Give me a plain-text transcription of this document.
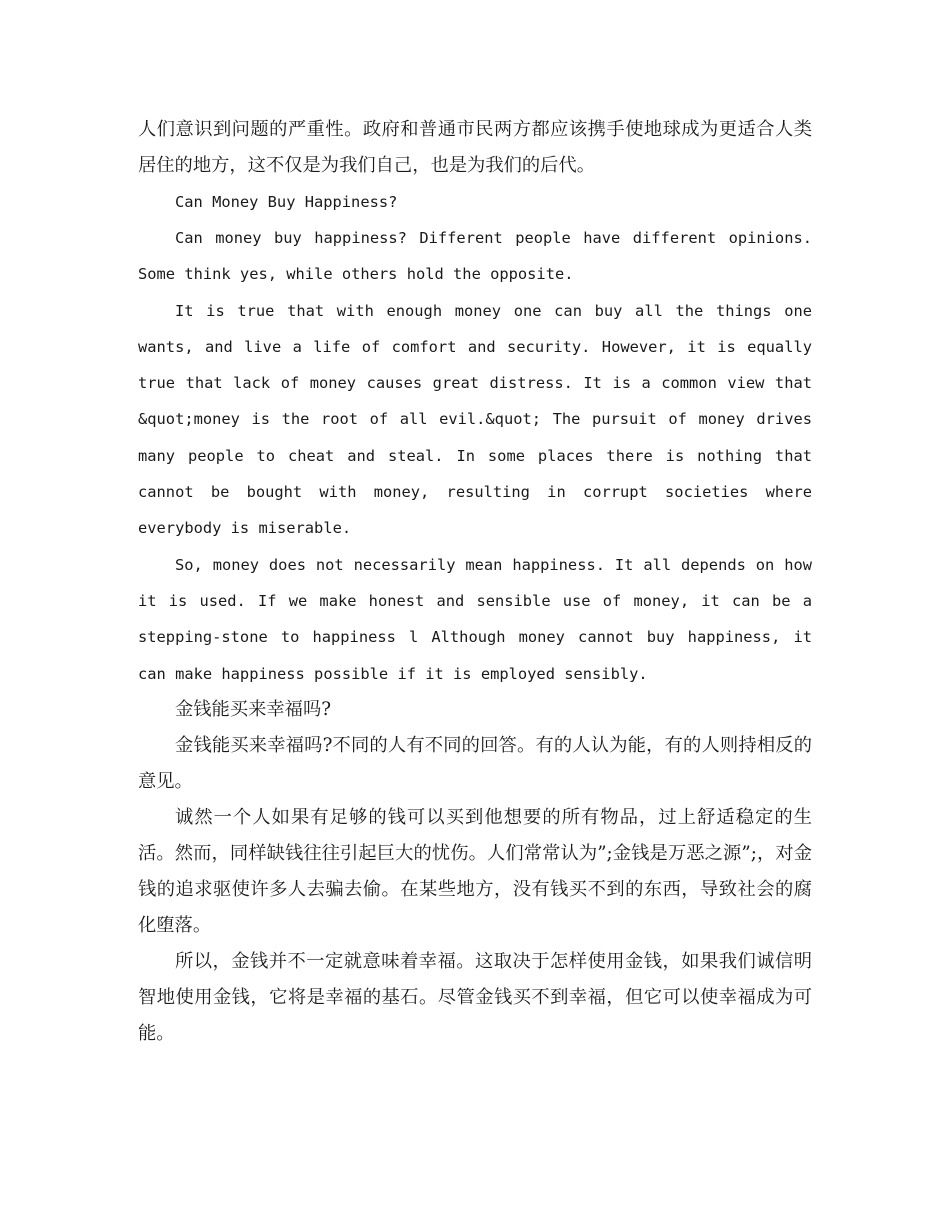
人们意识到问题的严重性。政府和普通市民两方都应该携手使地球成为更适合人类居住的地方，这不仅是为我们自己，也是为我们的后代。

Can Money Buy Happiness?

Can money buy happiness? Different people have different opinions. Some think yes, while others hold the opposite.

It is true that with enough money one can buy all the things one wants, and live a life of comfort and security. However, it is equally true that lack of money causes great distress. It is a common view that &quot;money is the root of all evil.&quot; The pursuit of money drives many people to cheat and steal. In some places there is nothing that cannot be bought with money, resulting in corrupt societies where everybody is miserable.

So, money does not necessarily mean happiness. It all depends on how it is used. If we make honest and sensible use of money, it can be a stepping-stone to happiness l Although money cannot buy happiness, it can make happiness possible if it is employed sensibly.

金钱能买来幸福吗?

金钱能买来幸福吗?不同的人有不同的回答。有的人认为能，有的人则持相反的意见。

诚然一个人如果有足够的钱可以买到他想要的所有物品，过上舒适稳定的生活。然而，同样缺钱往往引起巨大的忧伤。人们常常认为”;金钱是万恶之源”;，对金钱的追求驱使许多人去骗去偷。在某些地方，没有钱买不到的东西，导致社会的腐化堕落。

所以，金钱并不一定就意味着幸福。这取决于怎样使用金钱，如果我们诚信明智地使用金钱，它将是幸福的基石。尽管金钱买不到幸福，但它可以使幸福成为可能。
